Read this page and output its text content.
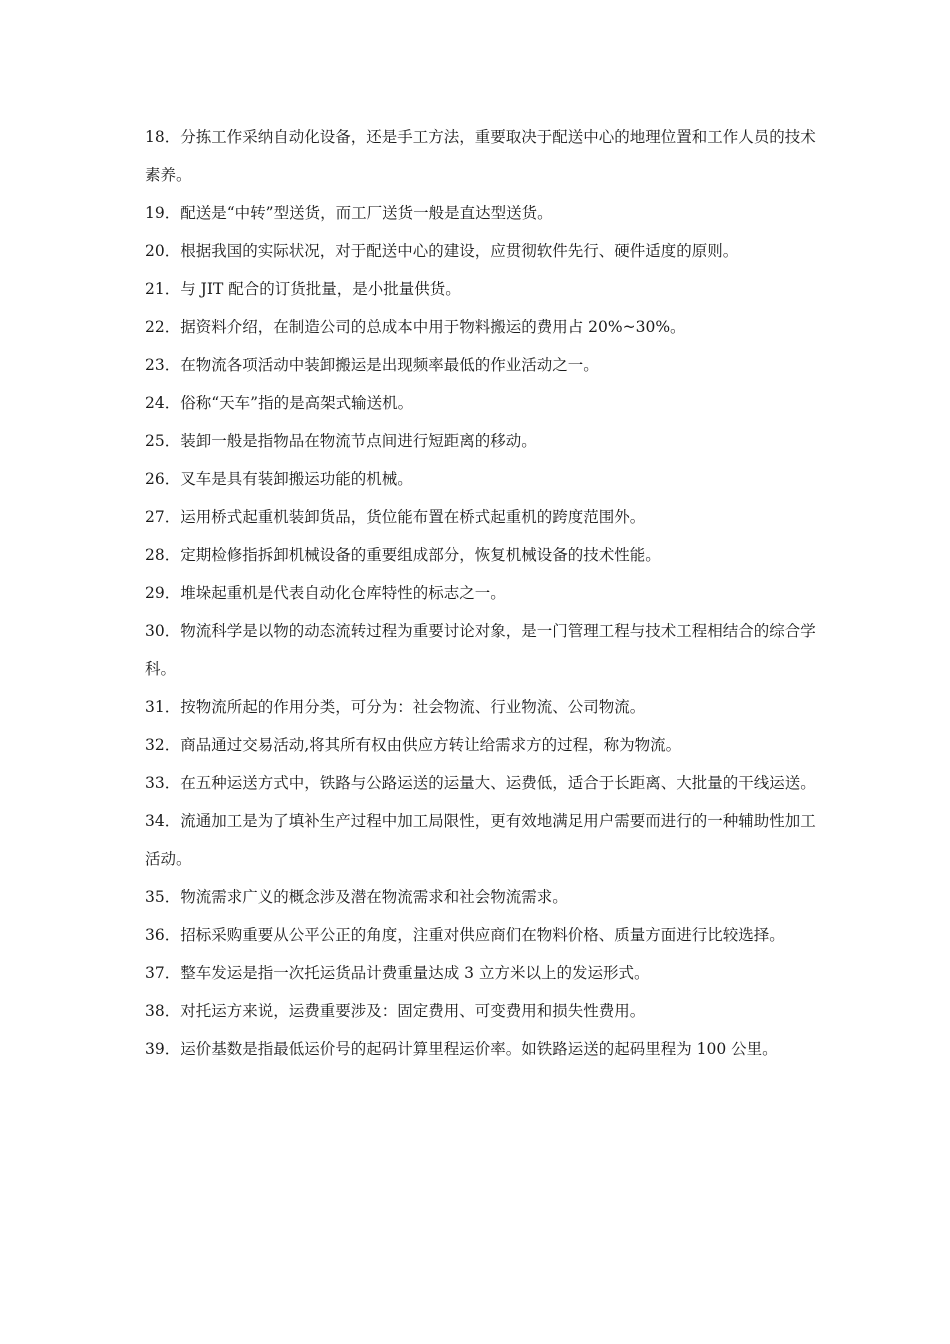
18．分拣工作采纳自动化设备，还是手工方法，重要取决于配送中心的地理位置和工作人员的技术素养。

19．配送是“中转”型送货，而工厂送货一般是直达型送货。

20．根据我国的实际状况，对于配送中心的建设，应贯彻软件先行、硬件适度的原则。

21．与 JIT 配合的订货批量，是小批量供货。

22．据资料介绍，在制造公司的总成本中用于物料搬运的费用占 20%~30%。

23．在物流各项活动中装卸搬运是出现频率最低的作业活动之一。

24．俗称“天车”指的是高架式输送机。

25．装卸一般是指物品在物流节点间进行短距离的移动。

26．叉车是具有装卸搬运功能的机械。

27．运用桥式起重机装卸货品，货位能布置在桥式起重机的跨度范围外。

28．定期检修指拆卸机械设备的重要组成部分，恢复机械设备的技术性能。

29．堆垛起重机是代表自动化仓库特性的标志之一。

30．物流科学是以物的动态流转过程为重要讨论对象，是一门管理工程与技术工程相结合的综合学科。

31．按物流所起的作用分类，可分为：社会物流、行业物流、公司物流。

32．商品通过交易活动,将其所有权由供应方转让给需求方的过程，称为物流。

33．在五种运送方式中，铁路与公路运送的运量大、运费低，适合于长距离、大批量的干线运送。

34．流通加工是为了填补生产过程中加工局限性，更有效地满足用户需要而进行的一种辅助性加工活动。

35．物流需求广义的概念涉及潜在物流需求和社会物流需求。

36．招标采购重要从公平公正的角度，注重对供应商们在物料价格、质量方面进行比较选择。

37．整车发运是指一次托运货品计费重量达成 3 立方米以上的发运形式。

38．对托运方来说，运费重要涉及：固定费用、可变费用和损失性费用。

39．运价基数是指最低运价号的起码计算里程运价率。如铁路运送的起码里程为 100 公里。
